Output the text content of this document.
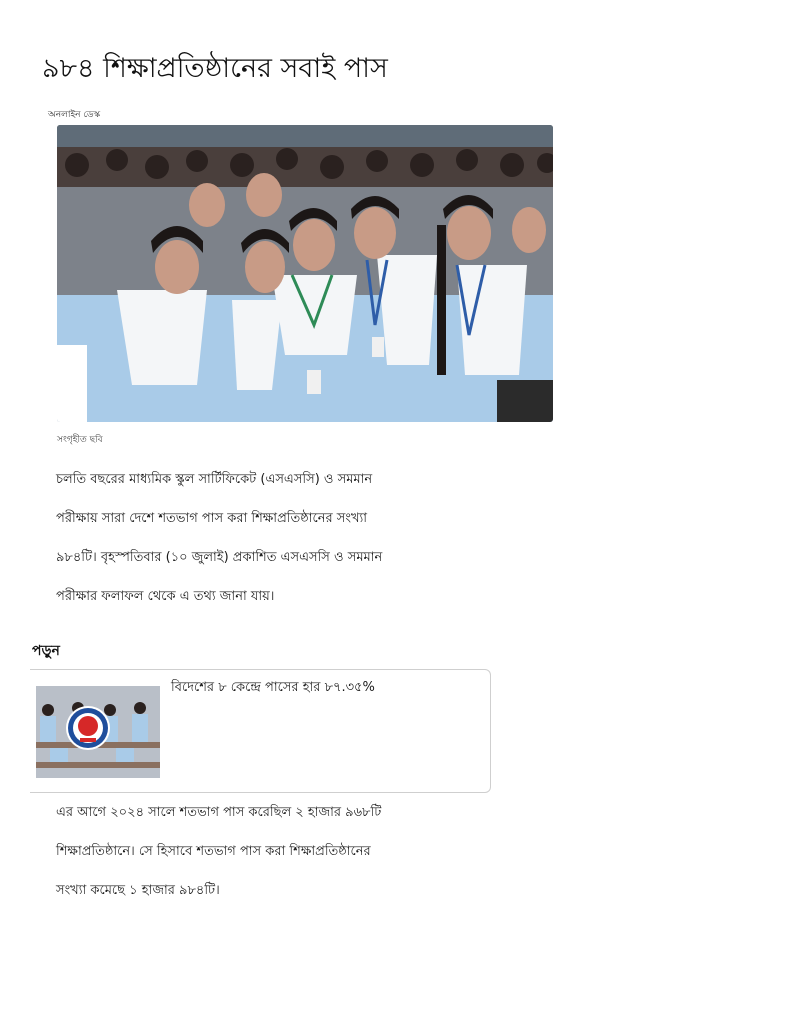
৯৮৪ শিক্ষাপ্রতিষ্ঠানের সবাই পাস
অনলাইন ডেস্ক
সংগৃহীত ছবি

চলতি বছরের মাধ্যমিক স্কুল সার্টিফিকেট (এসএসসি) ও সমমান

পরীক্ষায় সারা দেশে শতভাগ পাস করা শিক্ষাপ্রতিষ্ঠানের সংখ্যা

৯৮৪টি। বৃহস্পতিবার (১০ জুলাই) প্রকাশিত এসএসসি ও সমমান

পরীক্ষার ফলাফল থেকে এ তথ্য জানা যায়।

পড়ুন
বিদেশের ৮ কেন্দ্রে পাসের হার ৮৭.৩৫%

এর আগে ২০২৪ সালে শতভাগ পাস করেছিল ২ হাজার ৯৬৮টি

শিক্ষাপ্রতিষ্ঠানে। সে হিসাবে শতভাগ পাস করা শিক্ষাপ্রতিষ্ঠানের

সংখ্যা কমেছে ১ হাজার ৯৮৪টি।
